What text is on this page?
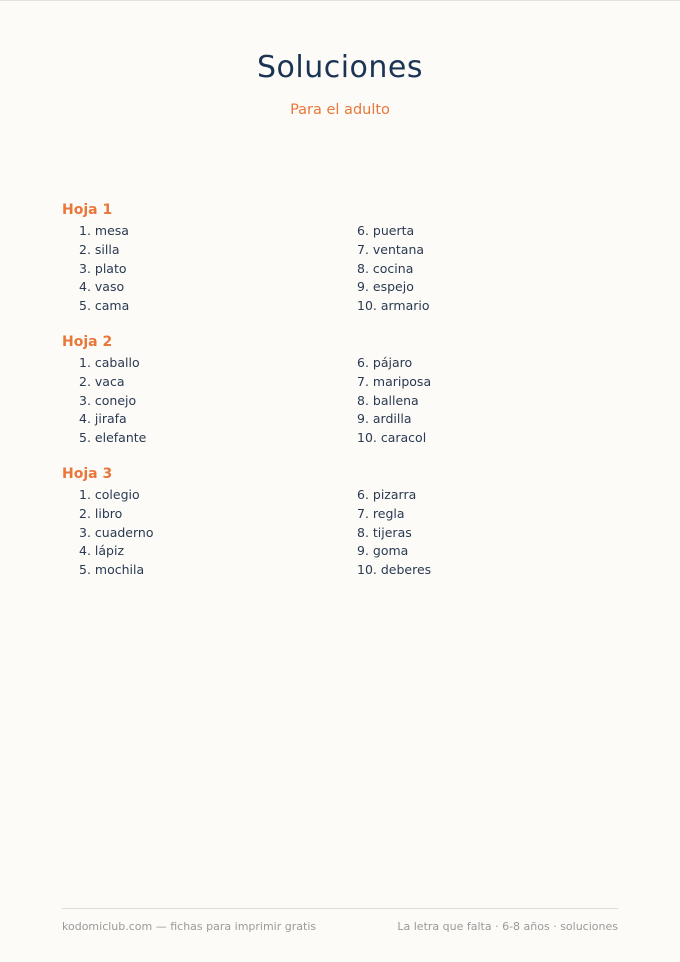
Soluciones
Para el adulto
Hoja 1
1. mesa
2. silla
3. plato
4. vaso
5. cama
6. puerta
7. ventana
8. cocina
9. espejo
10. armario
Hoja 2
1. caballo
2. vaca
3. conejo
4. jirafa
5. elefante
6. pájaro
7. mariposa
8. ballena
9. ardilla
10. caracol
Hoja 3
1. colegio
2. libro
3. cuaderno
4. lápiz
5. mochila
6. pizarra
7. regla
8. tijeras
9. goma
10. deberes
kodomiclub.com — fichas para imprimir gratis	La letra que falta · 6-8 años · soluciones
